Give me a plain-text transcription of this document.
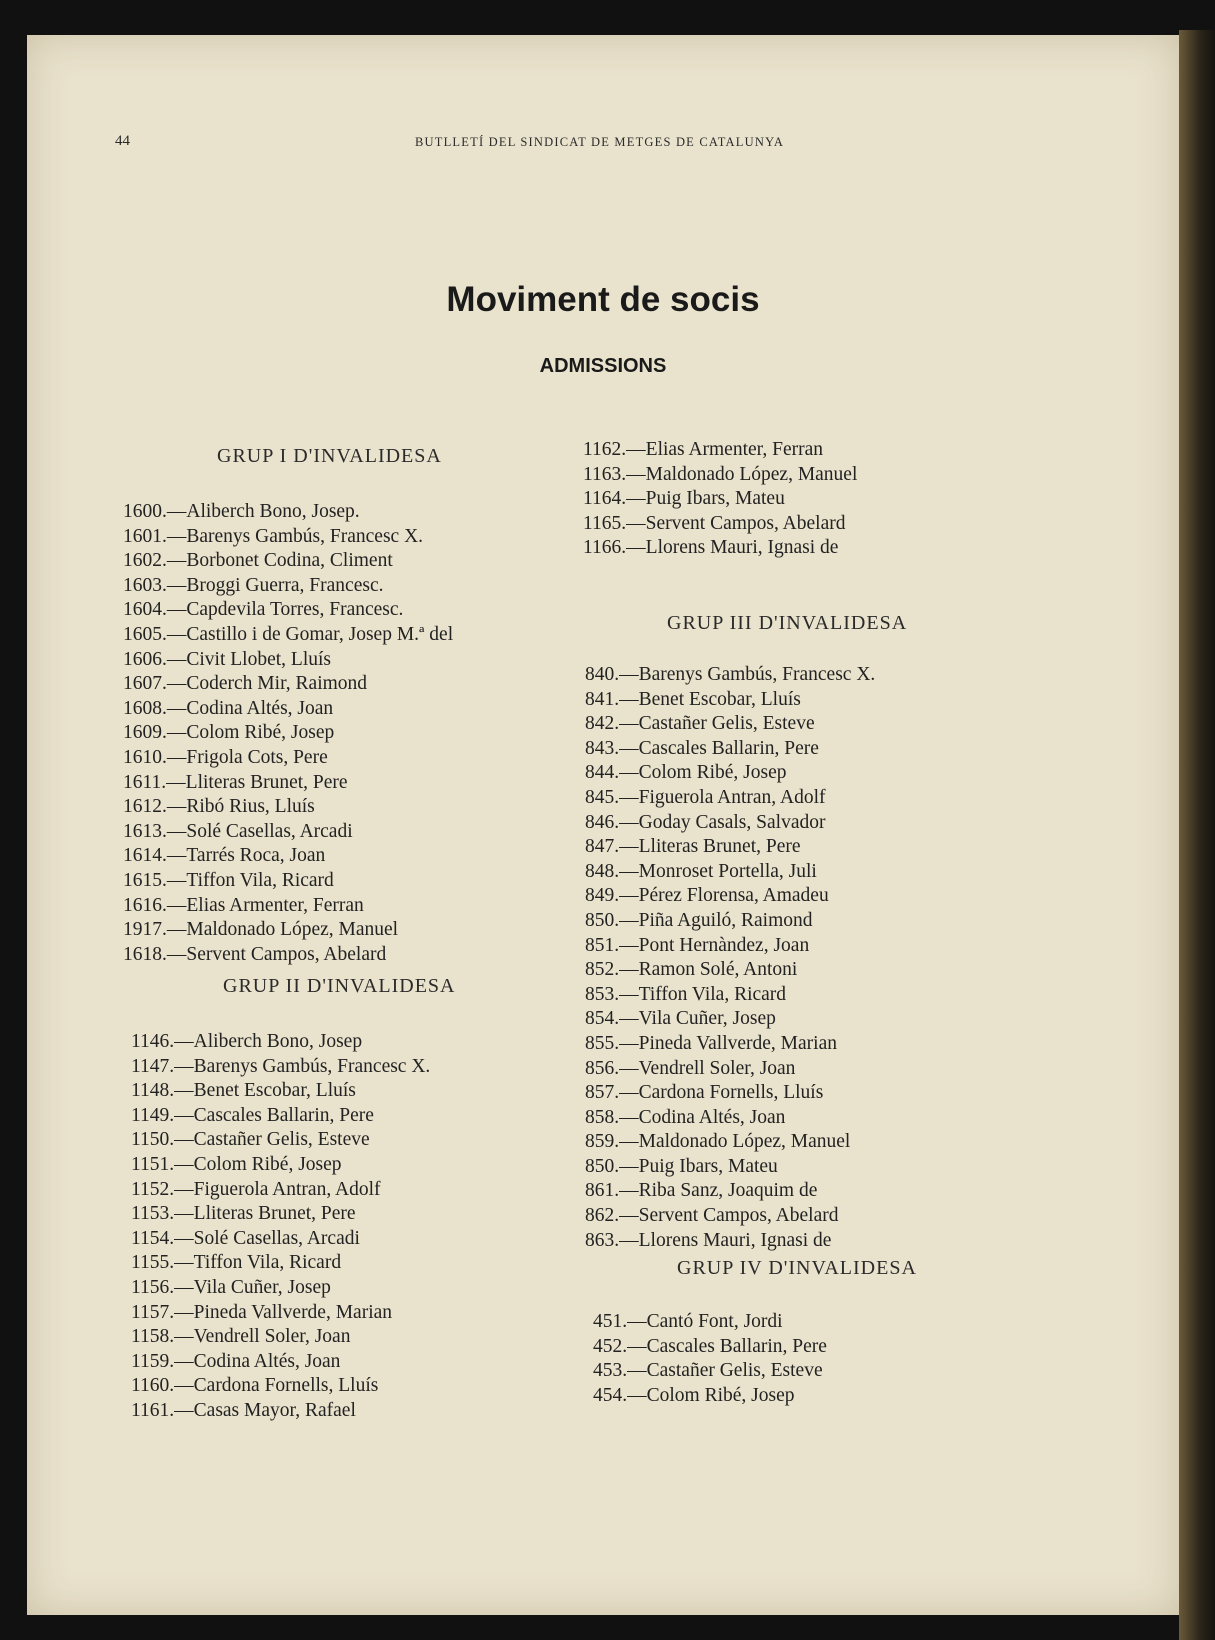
44	BUTLLETÍ DEL SINDICAT DE METGES DE CATALUNYA
Moviment de socis
ADMISSIONS
GRUP I D'INVALIDESA
1600.—Aliberch Bono, Josep.
1601.—Barenys Gambús, Francesc X.
1602.—Borbonet Codina, Climent
1603.—Broggi Guerra, Francesc.
1604.—Capdevila Torres, Francesc.
1605.—Castillo i de Gomar, Josep M.ª del
1606.—Civit Llobet, Lluís
1607.—Coderch Mir, Raimond
1608.—Codina Altés, Joan
1609.—Colom Ribé, Josep
1610.—Frigola Cots, Pere
1611.—Lliteras Brunet, Pere
1612.—Ribó Rius, Lluís
1613.—Solé Casellas, Arcadi
1614.—Tarrés Roca, Joan
1615.—Tiffon Vila, Ricard
1616.—Elias Armenter, Ferran
1917.—Maldonado López, Manuel
1618.—Servent Campos, Abelard
GRUP II D'INVALIDESA
1146.—Aliberch Bono, Josep
1147.—Barenys Gambús, Francesc X.
1148.—Benet Escobar, Lluís
1149.—Cascales Ballarin, Pere
1150.—Castañer Gelis, Esteve
1151.—Colom Ribé, Josep
1152.—Figuerola Antran, Adolf
1153.—Lliteras Brunet, Pere
1154.—Solé Casellas, Arcadi
1155.—Tiffon Vila, Ricard
1156.—Vila Cuñer, Josep
1157.—Pineda Vallverde, Marian
1158.—Vendrell Soler, Joan
1159.—Codina Altés, Joan
1160.—Cardona Fornells, Lluís
1161.—Casas Mayor, Rafael
1162.—Elias Armenter, Ferran
1163.—Maldonado López, Manuel
1164.—Puig Ibars, Mateu
1165.—Servent Campos, Abelard
1166.—Llorens Mauri, Ignasi de
GRUP III D'INVALIDESA
840.—Barenys Gambús, Francesc X.
841.—Benet Escobar, Lluís
842.—Castañer Gelis, Esteve
843.—Cascales Ballarin, Pere
844.—Colom Ribé, Josep
845.—Figuerola Antran, Adolf
846.—Goday Casals, Salvador
847.—Lliteras Brunet, Pere
848.—Monroset Portella, Juli
849.—Pérez Florensa, Amadeu
850.—Piña Aguiló, Raimond
851.—Pont Hernàndez, Joan
852.—Ramon Solé, Antoni
853.—Tiffon Vila, Ricard
854.—Vila Cuñer, Josep
855.—Pineda Vallverde, Marian
856.—Vendrell Soler, Joan
857.—Cardona Fornells, Lluís
858.—Codina Altés, Joan
859.—Maldonado López, Manuel
850.—Puig Ibars, Mateu
861.—Riba Sanz, Joaquim de
862.—Servent Campos, Abelard
863.—Llorens Mauri, Ignasi de
GRUP IV D'INVALIDESA
451.—Cantó Font, Jordi
452.—Cascales Ballarin, Pere
453.—Castañer Gelis, Esteve
454.—Colom Ribé, Josep
